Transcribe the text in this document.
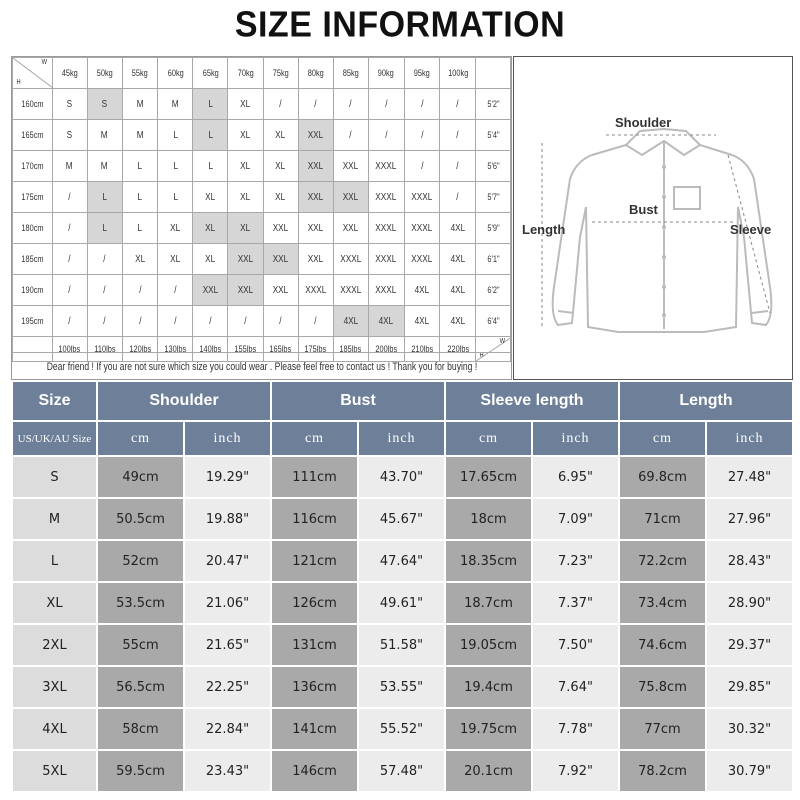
SIZE INFORMATION
H
W	45kg	50kg	55kg	60kg	65kg	70kg	75kg	80kg	85kg	90kg	95kg	100kg	
160cm	S	S	M	M	L	XL	/	/	/	/	/	/	5'2"
165cm	S	M	M	L	L	XL	XL	XXL	/	/	/	/	5'4"
170cm	M	M	L	L	L	XL	XL	XXL	XXL	XXXL	/	/	5'6"
175cm	/	L	L	L	XL	XL	XL	XXL	XXL	XXXL	XXXL	/	5'7"
180cm	/	L	L	XL	XL	XL	XXL	XXL	XXL	XXXL	XXXL	4XL	5'9"
185cm	/	/	XL	XL	XL	XXL	XXL	XXL	XXXL	XXXL	XXXL	4XL	6'1"
190cm	/	/	/	/	XXL	XXL	XXL	XXXL	XXXL	XXXL	4XL	4XL	6'2"
195cm	/	/	/	/	/	/	/	/	4XL	4XL	4XL	4XL	6'4"
	100lbs	110lbs	120lbs	130lbs	140lbs	155lbs	165lbs	175lbs	185lbs	200lbs	210lbs	220lbs	H
W
Dear friend ! If you are not sure which size you could wear . Please feel free to contact us ! Thank you for buying !
Shoulder
Bust
Length	Sleeve
Size	Shoulder		Bust		Sleeve length		Length	
US/UK/AU Size	cm	inch	cm	inch	cm	inch	cm	inch
S	49cm	19.29"	111cm	43.70"	17.65cm	6.95"	69.8cm	27.48"
M	50.5cm	19.88"	116cm	45.67"	18cm	7.09"	71cm	27.96"
L	52cm	20.47"	121cm	47.64"	18.35cm	7.23"	72.2cm	28.43"
XL	53.5cm	21.06"	126cm	49.61"	18.7cm	7.37"	73.4cm	28.90"
2XL	55cm	21.65"	131cm	51.58"	19.05cm	7.50"	74.6cm	29.37"
3XL	56.5cm	22.25"	136cm	53.55"	19.4cm	7.64"	75.8cm	29.85"
4XL	58cm	22.84"	141cm	55.52"	19.75cm	7.78"	77cm	30.32"
5XL	59.5cm	23.43"	146cm	57.48"	20.1cm	7.92"	78.2cm	30.79"
